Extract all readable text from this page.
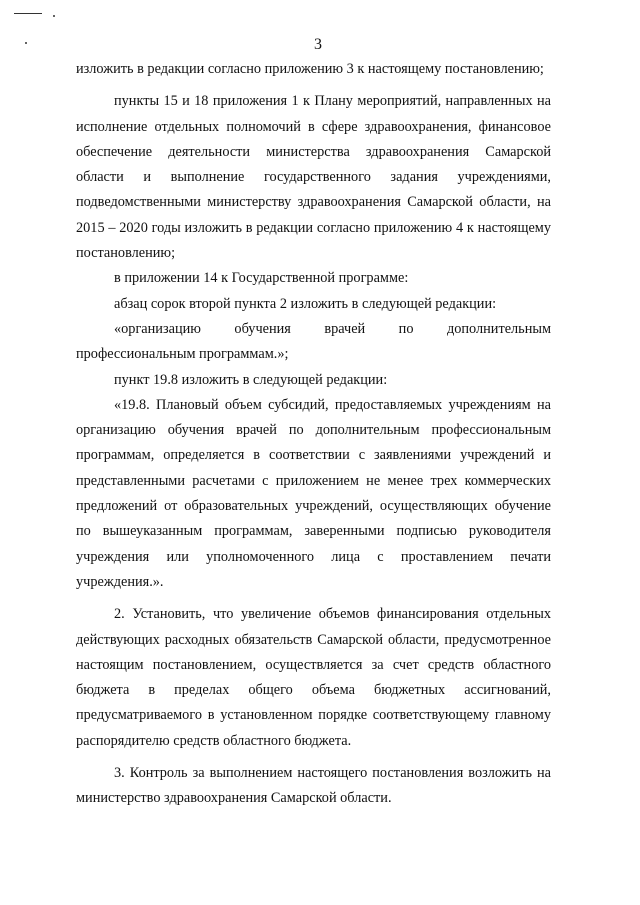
3

изложить в редакции согласно приложению 3 к настоящему постановлению;

пункты 15 и 18 приложения 1 к Плану мероприятий, направленных на исполнение отдельных полномочий в сфере здравоохранения, финансовое обеспечение деятельности министерства здравоохранения Самарской области и выполнение государственного задания учреждениями, подведомственными министерству здравоохранения Самарской области, на 2015 – 2020 годы изложить в редакции согласно приложению 4 к настоящему постановлению;

в приложении 14 к Государственной программе:

абзац сорок второй пункта 2 изложить в следующей редакции:

«организацию обучения врачей по дополнительным профессиональным программам.»;

пункт 19.8 изложить в следующей редакции:

«19.8. Плановый объем субсидий, предоставляемых учреждениям на организацию обучения врачей по дополнительным профессиональным программам, определяется в соответствии с заявлениями учреждений и представленными расчетами с приложением не менее трех коммерческих предложений от образовательных учреждений, осуществляющих обучение по вышеуказанным программам, заверенными подписью руководителя учреждения или уполномоченного лица с проставлением печати учреждения.».

2. Установить, что увеличение объемов финансирования отдельных действующих расходных обязательств Самарской области, предусмотренное настоящим постановлением, осуществляется за счет средств областного бюджета в пределах общего объема бюджетных ассигнований, предусматриваемого в установленном порядке соответствующему главному распорядителю средств областного бюджета.

3. Контроль за выполнением настоящего постановления возложить на министерство здравоохранения Самарской области.
